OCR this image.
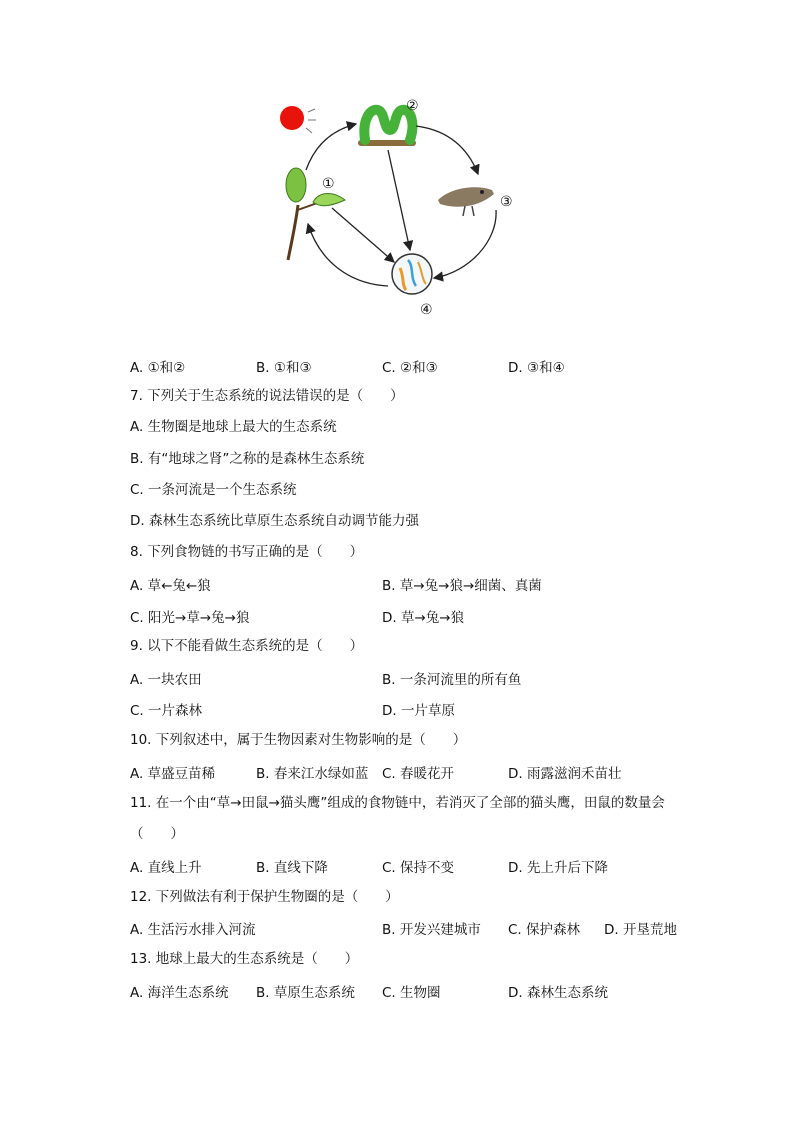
①
②
③
④
A. ①和②	B. ①和③	C. ②和③	D. ③和④
7. 下列关于生态系统的说法错误的是（　　）
A. 生物圈是地球上最大的生态系统
B. 有“地球之肾”之称的是森林生态系统
C. 一条河流是一个生态系统
D. 森林生态系统比草原生态系统自动调节能力强
8. 下列食物链的书写正确的是（　　）
A. 草←兔←狼	B. 草→兔→狼→细菌、真菌
C. 阳光→草→兔→狼	D. 草→兔→狼
9. 以下不能看做生态系统的是（　　）
A. 一块农田	B. 一条河流里的所有鱼
C. 一片森林	D. 一片草原
10. 下列叙述中，属于生物因素对生物影响的是（　　）
A. 草盛豆苗稀	B. 春来江水绿如蓝 C. 春暖花开	D. 雨露滋润禾苗壮
11. 在一个由“草→田鼠→猫头鹰”组成的食物链中，若消灭了全部的猫头鹰，田鼠的数量会
（　　）
A. 直线上升	B. 直线下降	C. 保持不变	D. 先上升后下降
12. 下列做法有利于保护生物圈的是（　　）
A. 生活污水排入河流	B. 开发兴建城市 C. 保护森林 D. 开垦荒地
13. 地球上最大的生态系统是（　　）
A. 海洋生态系统 B. 草原生态系统 C. 生物圈	D. 森林生态系统
